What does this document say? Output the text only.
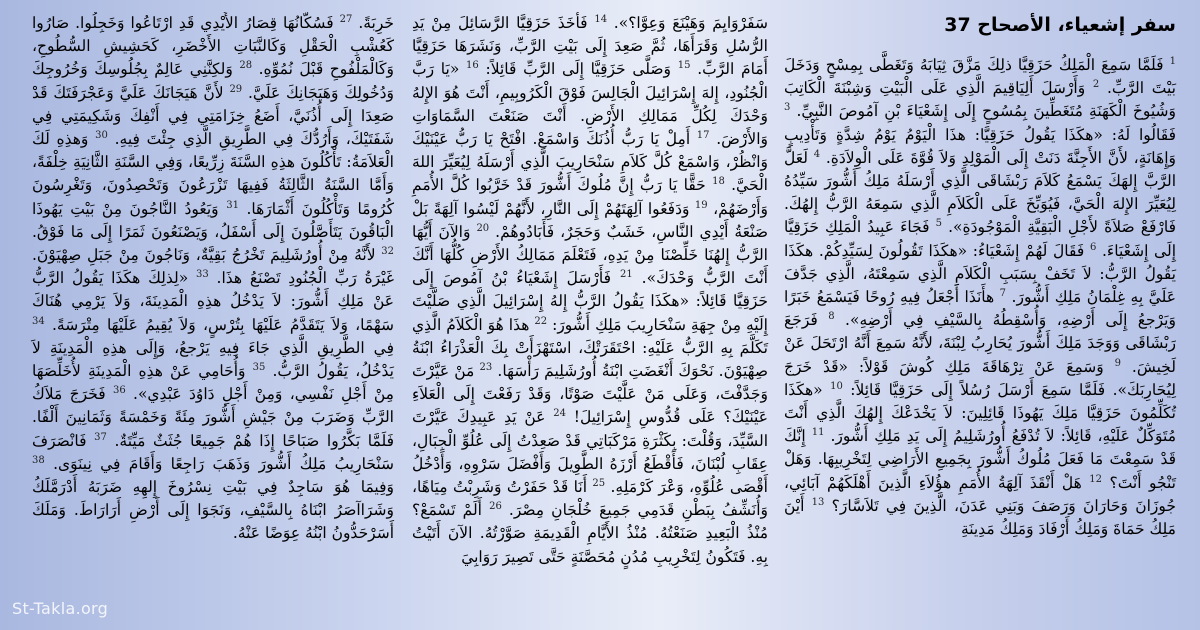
سفر إشعياء، الأصحاح 37
$^1$ فَلَمَّا سَمِعَ الْمَلِكُ حَزَقِيَّا ذلِكَ مَزَّقَ ثِيَابَهُ وَتَغَطَّى بِمِسْحٍ وَدَخَلَ بَيْتَ الرَّبِّ. $^2$ وَأَرْسَلَ أَلِيَاقِيمَ الَّذِي عَلَى الْبَيْتِ وَشِبْنَةَ الْكَاتِبَ وَشُيُوخَ الْكَهَنَةِ مُتَغَطِّينَ بِمُسُوحٍ إِلَى إِشَعْيَاءَ بْنِ آمُوصَ النَّبِيِّ. $^3$ فَقَالُوا لَهُ: «هكَذَا يَقُولُ حَزَقِيَّا: هذَا الْيَوْمُ يَوْمُ شِدَّةٍ وَتَأْدِيبٍ وَإِهَانَةٍ، لأَنَّ الأَجِنَّةَ دَنَتْ إِلَى الْمَوْلِدِ وَلاَ قُوَّةَ عَلَى الْوِلاَدَةِ. $^4$ لَعَلَّ الرَّبَّ إِلهَكَ يَسْمَعُ كَلاَمَ رَبْشَاقَى الَّذِي أَرْسَلَهُ مَلِكُ أَشُّورَ سَيِّدُهُ لِيُعَيِّرَ الإِلهَ الْحَيَّ، فَيُوَبِّخَ عَلَى الْكَلاَمِ الَّذِي سَمِعَهُ الرَّبُّ إِلهُكَ. فَارْفَعْ صَلاَةً لأَجْلِ الْبَقِيَّةِ الْمَوْجُودَةِ». $^5$ فَجَاءَ عَبِيدُ الْمَلِكِ حَزَقِيَّا إِلَى إِشَعْيَاءَ. $^6$ فَقَالَ لَهُمْ إِشَعْيَاءُ: «هكَذَا تَقُولُونَ لِسَيِّدِكُمْ. هكَذَا يَقُولُ الرَّبُّ: لاَ تَخَفْ بِسَبَبِ الْكَلاَمِ الَّذِي سَمِعْتَهُ، الَّذِي جَدَّفَ عَلَيَّ بِهِ غِلْمَانُ مَلِكِ أَشُّورَ. $^7$ هأَنَذَا أَجْعَلُ فِيهِ رُوحًا فَيَسْمَعُ خَبَرًا وَيَرْجعُ إِلَى أَرْضِهِ، وَأُسْقِطُهُ بِالسَّيْفِ فِي أَرْضِهِ». $^8$ فَرَجَعَ رَبْشَاقَى وَوَجَدَ مَلِكَ أَشُّورَ يُحَارِبُ لِبْنَةَ، لأَنَّهُ سَمِعَ أَنَّهُ ارْتَحَلَ عَنْ لَخِيشَ. $^9$ وَسَمِعَ عَنْ تِرْهَاقَةَ مَلِكِ كُوشَ قَوْلاً: «قَدْ خَرَجَ لِيُحَارِبَكَ». فَلَمَّا سَمِعَ أَرْسَلَ رُسُلاً إِلَى حَزَقِيَّا قَائِلاً: $^{10}$ «هكَذَا تُكَلِّمُونَ حَزَقِيَّا مَلِكَ يَهُوذَا قَائِلِينَ: لاَ يَخْدَعْكَ إِلهُكَ الَّذِي أَنْتَ مُتَوَكِّلٌ عَلَيْهِ، قَائِلاً: لاَ تُدْفَعُ أُورُشَلِيمُ إِلَى يَدِ مَلِكِ أَشُّورَ. $^{11}$ إِنَّكَ قَدْ سَمِعْتَ مَا فَعَلَ مُلُوكُ أَشُّورَ بِجَمِيعِ الأَرَاضِي لِتَخْرِيبِهَا. وَهَلْ تَنْجُو أَنْتَ؟ $^{12}$ هَلْ أَنْقَذَ آلِهَةُ الأُمَمِ هؤُلاَءِ الَّذِينَ أَهْلَكَهُمْ آبَائِي، جُوزَانَ وَحَارَانَ وَرَصَفَ وَبَنِي عَدَنَ، الَّذِينَ فِي تَلاَسَّارَ؟ $^{13}$ أَيْنَ مَلِكُ حَمَاةَ وَمَلِكُ أَرْفَادَ وَمَلِكُ مَدِينَةِ
سَفَرْوَايِمَ وَهَيْنَعَ وَعِوَّا؟». $^{14}$ فَأَخَذَ حَزَقِيَّا الرَّسَائِلَ مِنْ يَدِ الرُّسُلِ وَقَرَأَهَا، ثُمَّ صَعِدَ إِلَى بَيْتِ الرَّبِّ، وَنَشَرَهَا حَزَقِيَّا أَمَامَ الرَّبِّ. $^{15}$ وَصَلَّى حَزَقِيَّا إِلَى الرَّبِّ قَائِلاً: $^{16}$ «يَا رَبَّ الْجُنُودِ، إِلهَ إِسْرَائِيلَ الْجَالِسَ فَوْقَ الْكَرُوبِيمِ، أَنْتَ هُوَ الإِلهُ وَحْدَكَ لِكُلِّ مَمَالِكِ الأَرْضِ. أَنْتَ صَنَعْتَ السَّمَاوَاتِ وَالأَرْضَ. $^{17}$ أَمِلْ يَا رَبُّ أُذُنَكَ وَاسْمَعْ. افْتَحْ يَا رَبُّ عَيْنَيْكَ وَانْظُرْ، وَاسْمَعْ كُلَّ كَلاَمِ سَنْحَارِيبَ الَّذِي أَرْسَلَهُ لِيُعَيِّرَ اللهَ الْحَيَّ. $^{18}$ حَقًّا يَا رَبُّ إِنَّ مُلُوكَ أَشُّورَ قَدْ خَرَّبُوا كُلَّ الأُمَمِ وَأَرْضَهُمْ، $^{19}$ وَدَفَعُوا آلِهَتَهُمْ إِلَى النَّارِ، لأَنَّهُمْ لَيْسُوا آلِهَةً بَلْ صَنْعَةُ أَيْدِي النَّاسِ، خَشَبٌ وَحَجَرٌ، فَأَبَادُوهُمْ. $^{20}$ وَالآنَ أَيُّهَا الرَّبُّ إِلهُنَا خَلِّصْنَا مِنْ يَدِهِ، فَتَعْلَمَ مَمَالِكُ الأَرْضِ كُلُّهَا أَنَّكَ أَنْتَ الرَّبُّ وَحْدَكَ». $^{21}$ فَأَرْسَلَ إِشَعْيَاءُ بْنُ آمُوصَ إِلَى حَزَقِيَّا قَائِلاً: «هكَذَا يَقُولُ الرَّبُّ إِلهُ إِسْرَائِيلَ الَّذِي صَلَّيْتَ إِلَيْهِ مِنْ جِهَةِ سَنْحَارِيبَ مَلِكِ أَشُّورَ: $^{22}$ هذَا هُوَ الْكَلاَمُ الَّذِي تَكَلَّمَ بِهِ الرَّبُّ عَلَيْهِ: احْتَقَرَتْكَ، اسْتَهْزَأَتْ بِكَ الْعَذْرَاءُ ابْنَةُ صِهْيَوْنَ. نَحْوَكَ أَنْغَضَتِ ابْنَةُ أُورُشَلِيمَ رَأْسَهَا. $^{23}$ مَنْ عَيَّرْتَ وَجَدَّفْتَ، وَعَلَى مَنْ عَلَّيْتَ صَوْتًا، وَقَدْ رَفَعْتَ إِلَى الْعَلاَءِ عَيْنَيْكَ؟ عَلَى قُدُّوسِ إِسْرَائِيلَ! $^{24}$ عَنْ يَدِ عَبِيدِكَ عَيَّرْتَ السَّيِّدَ، وَقُلْتَ: بِكَثْرَةِ مَرْكَبَاتِي قَدْ صَعِدْتُ إِلَى عُلُوِّ الْجِبَالِ، عِقَابِ لُبْنَانَ، فَأَقْطَعُ أَرْزَهُ الطَّوِيلَ وَأَفْضَلَ سَرْوِهِ، وَأَدْخُلُ أَقْصَى عُلُوِّهِ، وَعْرَ كَرْمَلِهِ. $^{25}$ أَنَا قَدْ حَفَرْتُ وَشَرِبْتُ مِيَاهًا، وَأُنَشِّفُ بِبَطْنِ قَدَمِي جَمِيعَ خُلْجَانِ مِصْرَ. $^{26}$ أَلَمْ تَسْمَعْ؟ مُنْذُ الْبَعِيدِ صَنَعْتُهُ. مُنْذُ الأَيَّامِ الْقَدِيمَةِ صَوَّرْتُهُ. الآنَ أَتَيْتُ بِهِ. فَتَكُونُ لِتَخْرِيبِ مُدُنٍ مُحَصَّنَةٍ حَتَّى تَصِيرَ رَوَابِيَ
خَرِبَةً. $^{27}$ فَسُكَّانُهَا قِصَارُ الأَيْدِي قَدِ ارْتَاعُوا وَخَجِلُوا. صَارُوا كَعُشْبِ الْحَقْلِ وَكَالنَّبَاتِ الأَخْضَرِ، كَحَشِيشِ السُّطُوحِ، وَكَالْمَلْفُوحِ قَبْلَ نُمُوِّهِ. $^{28}$ وَلكِنَّنِي عَالِمٌ بِجُلُوسِكَ وَخُرُوجِكَ وَدُخُولِكَ وَهَيَجَانِكَ عَلَيَّ. $^{29}$ لأَنَّ هَيَجَانَكَ عَلَيَّ وَعَجْرَفَتَكَ قَدْ صَعِدَا إِلَى أُذُنَيَّ، أَضَعُ خِزَامَتِي فِي أَنْفِكَ وَشَكِيمَتِي فِي شَفَتَيْكَ، وَأَرُدُّكَ فِي الطَّرِيقِ الَّذِي جِئْتَ فِيهِ. $^{30}$ وَهذِهِ لَكَ الْعَلاَمَةُ: تَأْكُلُونَ هذِهِ السَّنَةَ زِرِّيعًا، وَفِي السَّنَةِ الثَّانِيَةِ خِلْفَةً، وَأَمَّا السَّنَةُ الثَّالِثَةُ فَفِيهَا تَزْرَعُونَ وَتَحْصِدُونَ، وَتَغْرِسُونَ كُرُومًا وَتَأْكُلُونَ أَثْمَارَهَا. $^{31}$ وَيَعُودُ النَّاجُونَ مِنْ بَيْتِ يَهُوذَا الْبَاقُونَ يَتَأَصَّلُونَ إِلَى أَسْفَلُ، وَيَصْنَعُونَ ثَمَرًا إِلَى مَا فَوْقُ. $^{32}$ لأَنَّهُ مِنْ أُورُشَلِيمَ تَخْرُجُ بَقِيَّةٌ، وَنَاجُونَ مِنْ جَبَلِ صِهْيَوْنَ. غَيْرَةُ رَبِّ الْجُنُودِ تَصْنَعُ هذَا. $^{33}$ «لِذلِكَ هكَذَا يَقُولُ الرَّبُّ عَنْ مَلِكِ أَشُّورَ: لاَ يَدْخُلُ هذِهِ الْمَدِينَةَ، وَلاَ يَرْمِي هُنَاكَ سَهْمًا، وَلاَ يَتَقَدَّمُ عَلَيْهَا بِتُرْسٍ، وَلاَ يُقِيمُ عَلَيْهَا مِتْرَسَةً. $^{34}$ فِي الطَّرِيقِ الَّذِي جَاءَ فِيهِ يَرْجعُ، وَإِلَى هذِهِ الْمَدِينَةِ لاَ يَدْخُلُ، يَقُولُ الرَّبُّ. $^{35}$ وَأُحَامِي عَنْ هذِهِ الْمَدِينَةِ لأُخَلِّصَهَا مِنْ أَجْلِ نَفْسِي، وَمِنْ أَجْلِ دَاوُدَ عَبْدِي». $^{36}$ فَخَرَجَ مَلاَكُ الرَّبِّ وَضَرَبَ مِنْ جَيْشِ أَشُّورَ مِئَةً وَخَمْسَةً وَثَمَانِينَ أَلْفًا. فَلَمَّا بَكَّرُوا صَبَاحًا إِذَا هُمْ جَمِيعًا جُثَثٌ مَيِّتَةٌ. $^{37}$ فَانْصَرَفَ سَنْحَارِيبُ مَلِكُ أَشُّورَ وَذَهَبَ رَاجِعًا وَأَقَامَ فِي نِينَوَى. $^{38}$ وَفِيمَا هُوَ سَاجِدٌ فِي بَيْتِ نِسْرُوخَ إِلهِهِ ضَرَبَهُ أَدْرَمَّلَكُ وَشَرَاآصَرُ ابْنَاهُ بِالسَّيْفِ، وَنَجَوَا إِلَى أَرْضِ أَرَارَاطَ. وَمَلَكَ أَسَرْحَدُّونُ ابْنُهُ عِوَضًا عَنْهُ.
St-Takla.org
